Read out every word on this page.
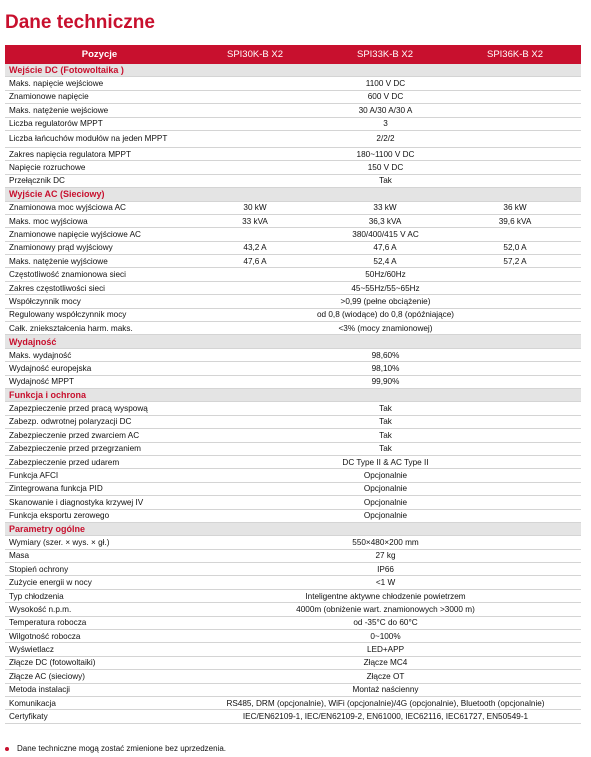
Dane techniczne
Pozycje	SPI30K-B X2	SPI33K-B X2	SPI36K-B X2
Wejście DC (Fotowoltaika )
Maks. napięcie wejściowe	1100 V DC
Znamionowe napięcie	600 V DC
Maks. natężenie wejściowe	30 A/30 A/30 A
Liczba regulatorów MPPT	3
Liczba łańcuchów modułów na jeden MPPT	2/2/2
Zakres napięcia regulatora MPPT	180~1100 V DC
Napięcie rozruchowe	150 V DC
Przełącznik DC	Tak
Wyjście AC (Sieciowy)
Znamionowa moc wyjściowa AC	30 kW	33 kW	36 kW
Maks. moc wyjściowa	33 kVA	36,3 kVA	39,6 kVA
Znamionowe napięcie wyjściowe AC	380/400/415 V AC
Znamionowy prąd wyjściowy	43,2 A	47,6 A	52,0 A
Maks. natężenie wyjściowe	47,6 A	52,4 A	57,2 A
Częstotliwość znamionowa sieci	50Hz/60Hz
Zakres częstotliwości sieci	45~55Hz/55~65Hz
Współczynnik mocy	>0,99 (pełne obciążenie)
Regulowany współczynnik mocy	od 0,8 (wiodące) do 0,8 (opóźniające)
Całk. zniekształcenia harm. maks.	<3% (mocy znamionowej)
Wydajność
Maks. wydajność	98,60%
Wydajność europejska	98,10%
Wydajność MPPT	99,90%
Funkcja i ochrona
Zapezpieczenie przed pracą wyspową	Tak
Zabezp. odwrotnej polaryzacji DC	Tak
Zabezpieczenie przed zwarciem AC	Tak
Zabezpieczenie przed przegrzaniem	Tak
Zabezpieczenie przed udarem	DC Type II & AC Type II
Funkcja AFCI	Opcjonalnie
Zintegrowana funkcja PID	Opcjonalnie
Skanowanie i diagnostyka krzywej IV	Opcjonalnie
Funkcja eksportu zerowego	Opcjonalnie
Parametry ogólne
Wymiary (szer. × wys. × gł.)	550×480×200 mm
Masa	27 kg
Stopień ochrony	IP66
Zużycie energii w nocy	<1 W
Typ chłodzenia	Inteligentne aktywne chłodzenie powietrzem
Wysokość n.p.m.	4000m (obniżenie wart. znamionowych >3000 m)
Temperatura robocza	od -35°C do 60°C
Wilgotność robocza	0~100%
Wyświetlacz	LED+APP
Złącze DC (fotowoltaiki)	Złącze MC4
Złącze AC (sieciowy)	Złącze OT
Metoda instalacji	Montaż naścienny
Komunikacja	RS485, DRM (opcjonalnie), WiFi (opcjonalnie)/4G (opcjonalnie), Bluetooth (opcjonalnie)
Certyfikaty	IEC/EN62109-1, IEC/EN62109-2, EN61000, IEC62116, IEC61727, EN50549-1
Dane techniczne mogą zostać zmienione bez uprzedzenia.
